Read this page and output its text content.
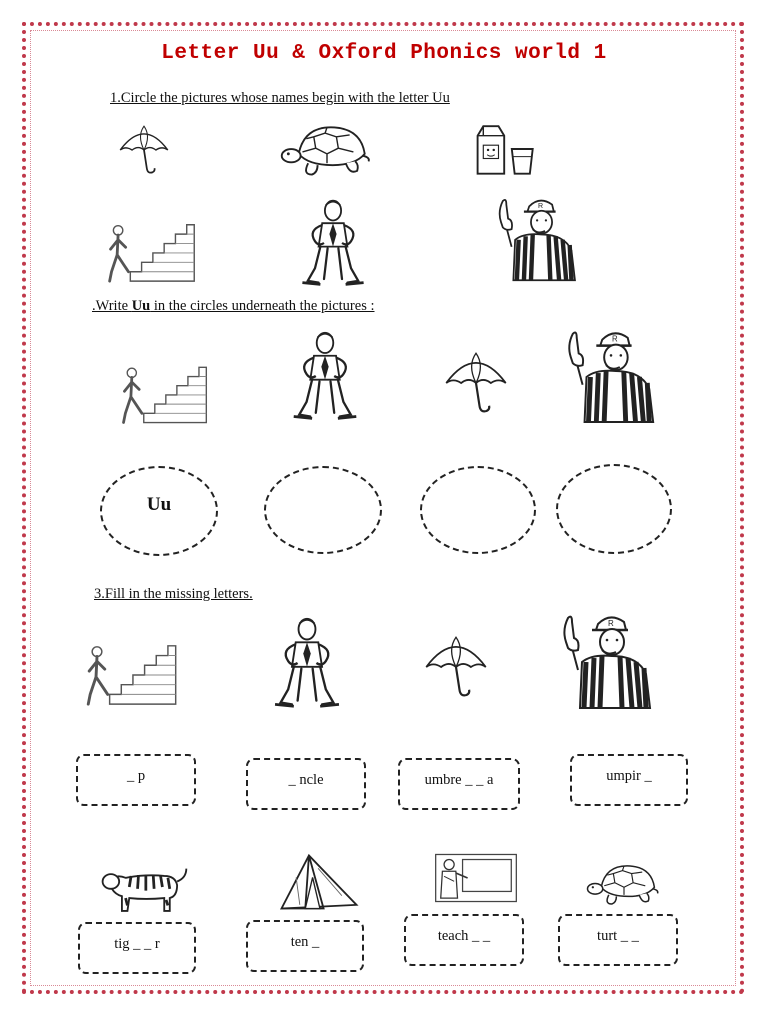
Letter Uu & Oxford Phonics world 1
1.Circle the pictures whose names begin with the letter Uu
.Write Uu in the circles underneath the pictures :
Uu
3.Fill in the missing letters.
_ p	_ ncle	umbre _ _ a	umpir _
tig _ _ r	ten _	teach _ _	turt _ _
